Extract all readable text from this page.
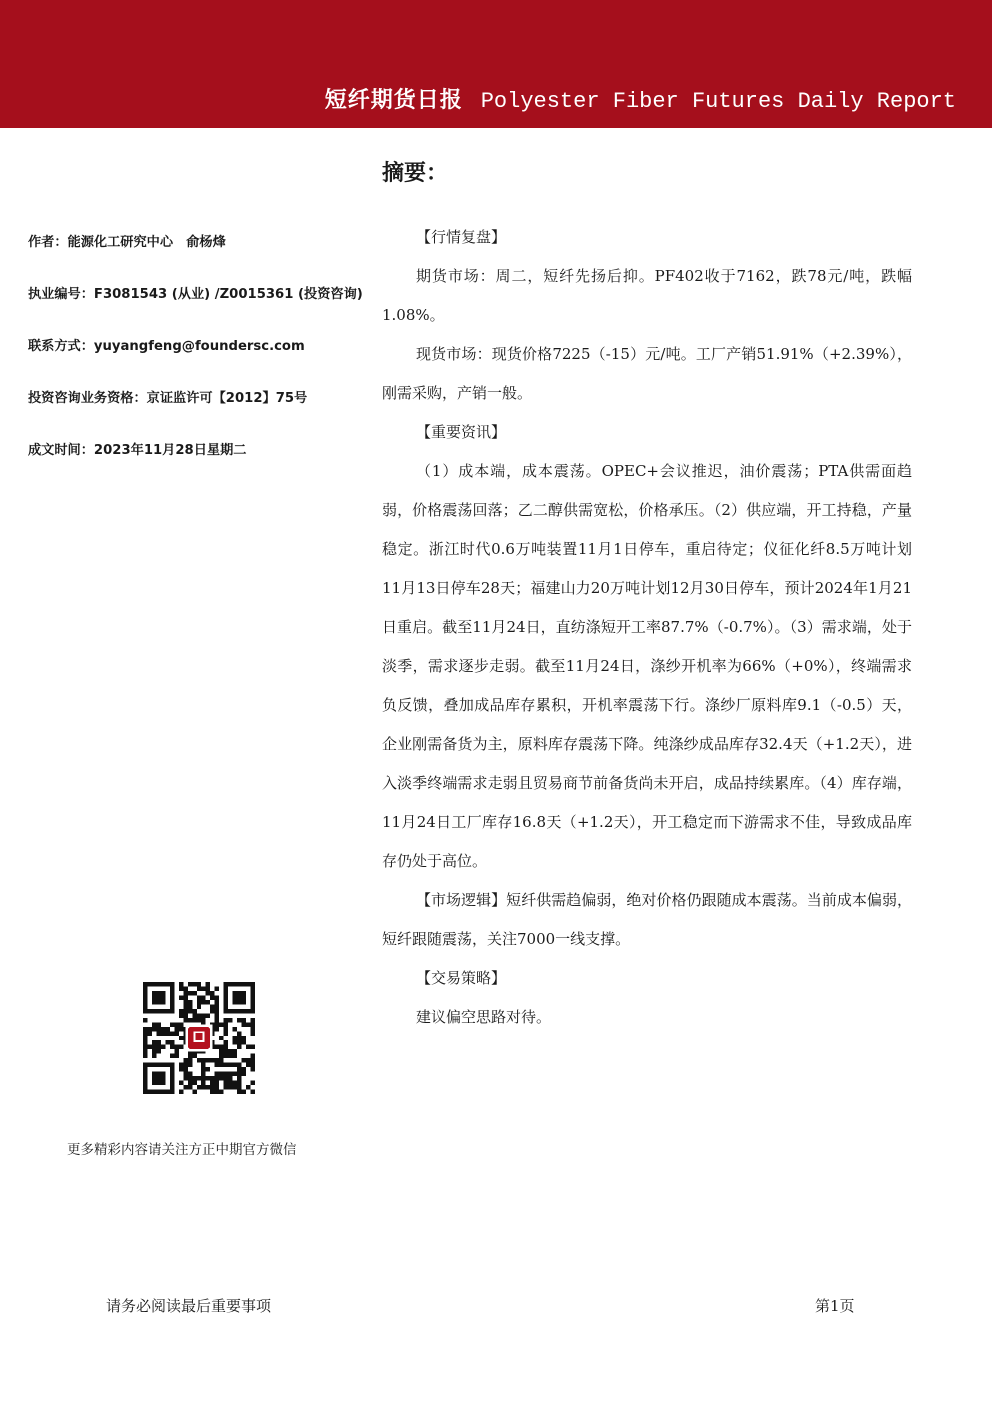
短纤期货日报 Polyester Fiber Futures Daily Report
摘要：
作者：能源化工研究中心　俞杨烽
执业编号：F3081543 (从业) /Z0015361 (投资咨询)
联系方式：yuyangfeng@foundersc.com
投资咨询业务资格：京证监许可【2012】75号
成文时间：2023年11月28日星期二

【行情复盘】

期货市场：周二，短纤先扬后抑。PF402收于7162，跌78元/吨，跌幅1.08%。

现货市场：现货价格7225（-15）元/吨。工厂产销51.91%（+2.39%），刚需采购，产销一般。

【重要资讯】

（1）成本端，成本震荡。OPEC+会议推迟，油价震荡；PTA供需面趋弱，价格震荡回落；乙二醇供需宽松，价格承压。（2）供应端，开工持稳，产量稳定。浙江时代0.6万吨装置11月1日停车，重启待定；仪征化纤8.5万吨计划11月13日停车28天；福建山力20万吨计划12月30日停车，预计2024年1月21日重启。截至11月24日，直纺涤短开工率87.7%（-0.7%）。（3）需求端，处于淡季，需求逐步走弱。截至11月24日，涤纱开机率为66%（+0%），终端需求负反馈，叠加成品库存累积，开机率震荡下行。涤纱厂原料库9.1（-0.5）天，企业刚需备货为主，原料库存震荡下降。纯涤纱成品库存32.4天（+1.2天），进入淡季终端需求走弱且贸易商节前备货尚未开启，成品持续累库。（4）库存端，11月24日工厂库存16.8天（+1.2天），开工稳定而下游需求不佳，导致成品库存仍处于高位。

【市场逻辑】短纤供需趋偏弱，绝对价格仍跟随成本震荡。当前成本偏弱，短纤跟随震荡，关注7000一线支撑。

【交易策略】

建议偏空思路对待。

更多精彩内容请关注方正中期官方微信
请务必阅读最后重要事项	第1页
